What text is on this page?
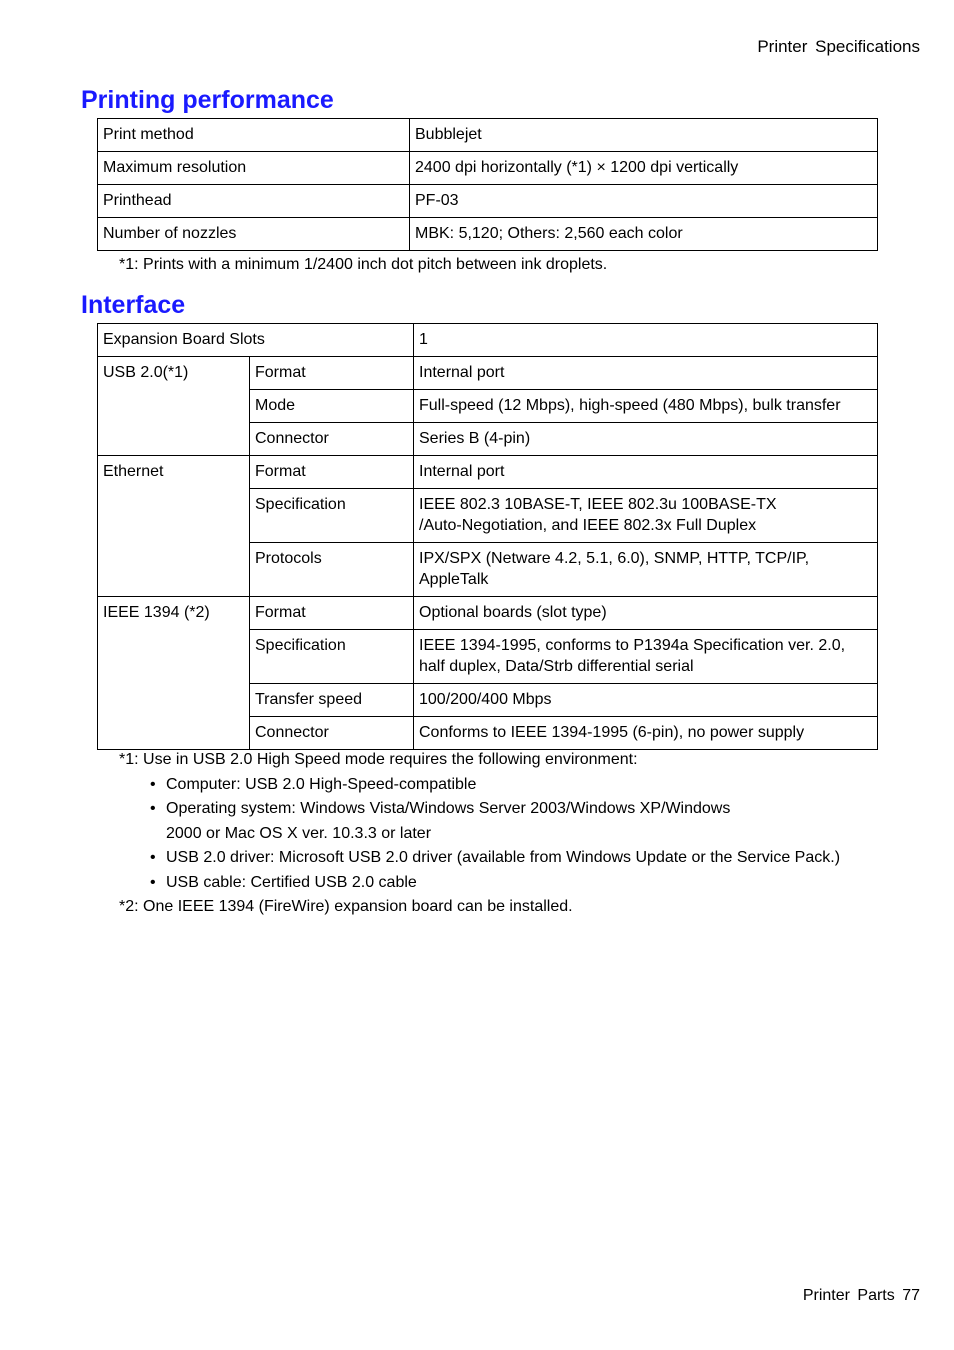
Printer Specifications
Printing performance
Print method	Bubblejet
Maximum resolution	2400 dpi horizontally (*1) × 1200 dpi vertically
Printhead	PF-03
Number of nozzles	MBK: 5,120; Others: 2,560 each color
*1: Prints with a minimum 1/2400 inch dot pitch between ink droplets.
Interface
Expansion Board Slots		1
USB 2.0(*1)	Format	Internal port
	Mode	Full-speed (12 Mbps), high-speed (480 Mbps), bulk transfer
	Connector	Series B (4-pin)
Ethernet	Format	Internal port
	Specification	IEEE 802.3 10BASE-T, IEEE 802.3u 100BASE-TX
/Auto-Negotiation, and IEEE 802.3x Full Duplex
	Protocols	IPX/SPX (Netware 4.2, 5.1, 6.0), SNMP, HTTP, TCP/IP,
AppleTalk
IEEE 1394 (*2)	Format	Optional boards (slot type)
	Specification	IEEE 1394-1995, conforms to P1394a Specification ver. 2.0,
half duplex, Data/Strb differential serial
	Transfer speed	100/200/400 Mbps
	Connector	Conforms to IEEE 1394-1995 (6-pin), no power supply
*1: Use in USB 2.0 High Speed mode requires the following environment:
• Computer: USB 2.0 High-Speed-compatible
• Operating system: Windows Vista/Windows Server 2003/Windows XP/Windows
2000 or Mac OS X ver. 10.3.3 or later
• USB 2.0 driver: Microsoft USB 2.0 driver (available from Windows Update or the Service Pack.)
• USB cable: Certified USB 2.0 cable
*2: One IEEE 1394 (FireWire) expansion board can be installed.
Printer Parts 77
